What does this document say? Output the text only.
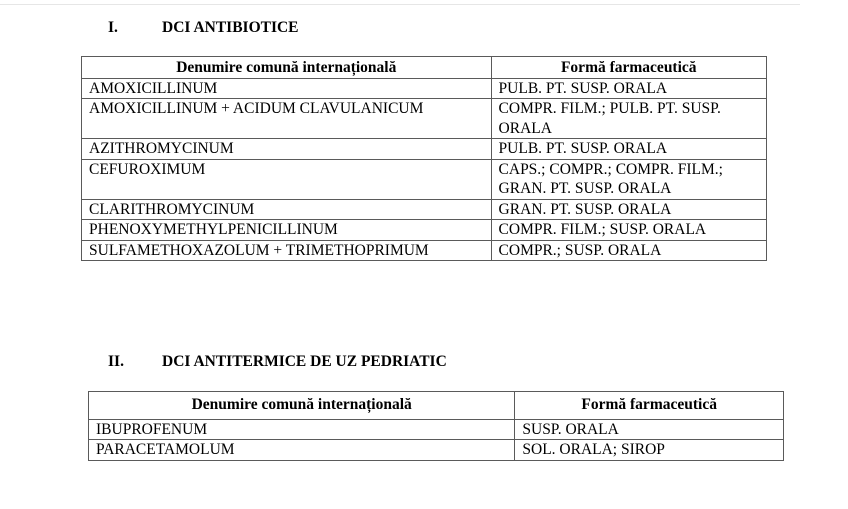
I.	DCI ANTIBIOTICE
Denumire comună internațională	Formă farmaceutică
AMOXICILLINUM	PULB. PT. SUSP. ORALA
AMOXICILLINUM + ACIDUM CLAVULANICUM	COMPR. FILM.; PULB. PT. SUSP. ORALA
AZITHROMYCINUM	PULB. PT. SUSP. ORALA
CEFUROXIMUM	CAPS.; COMPR.; COMPR. FILM.; GRAN. PT. SUSP. ORALA
CLARITHROMYCINUM	GRAN. PT. SUSP. ORALA
PHENOXYMETHYLPENICILLINUM	COMPR. FILM.; SUSP. ORALA
SULFAMETHOXAZOLUM + TRIMETHOPRIMUM	COMPR.; SUSP. ORALA
II. DCI ANTITERMICE DE UZ PEDRIATIC
Denumire comună internațională	Formă farmaceutică
IBUPROFENUM	SUSP. ORALA
PARACETAMOLUM	SOL. ORALA; SIROP
